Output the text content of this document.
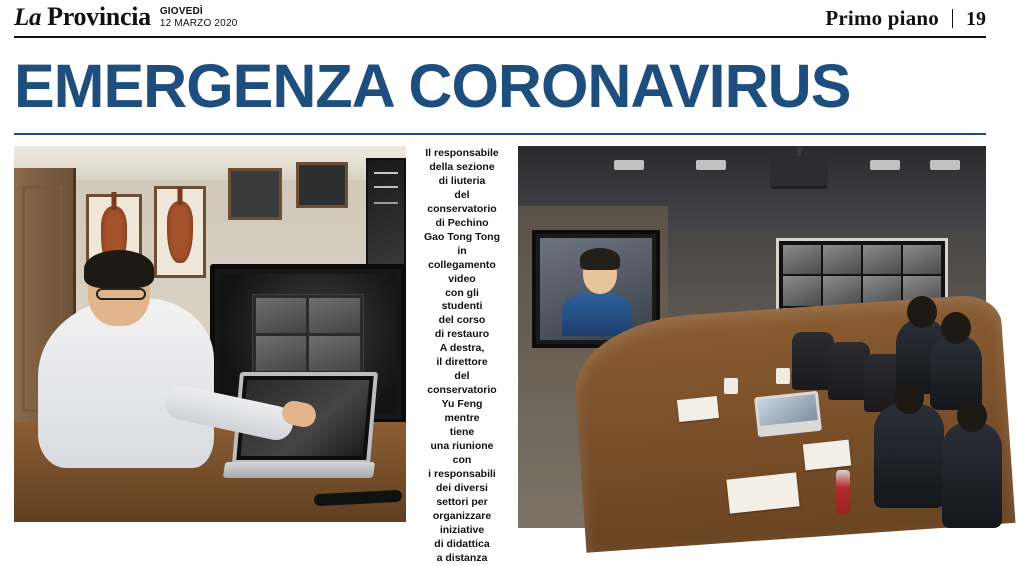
La Provincia GIOVEDÌ
12 MARZO 2020	Primo piano 19
EMERGENZA CORONAVIRUS
Il responsabile
della sezione
di liuteria
del
conservatorio
di Pechino
Gao Tong Tong
in
collegamento
video
con gli
studenti
del corso
di restauro
A destra,
il direttore
del
conservatorio
Yu Feng
mentre
tiene
una riunione
con
i responsabili
dei diversi
settori per
organizzare
iniziative
di didattica
a distanza
